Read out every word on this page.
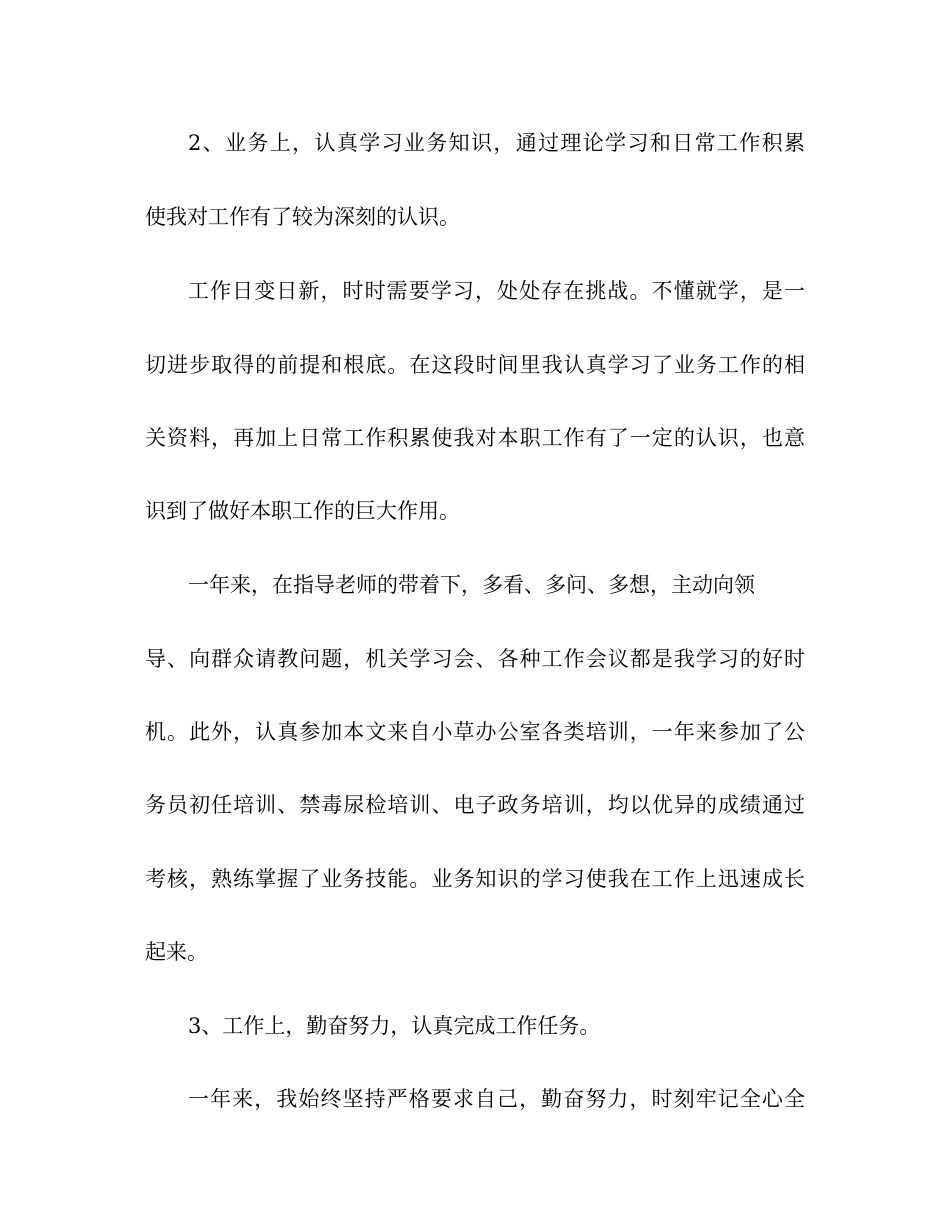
2、业务上，认真学习业务知识，通过理论学习和日常工作积累
使我对工作有了较为深刻的认识。
工作日变日新，时时需要学习，处处存在挑战。不懂就学，是一
切进步取得的前提和根底。在这段时间里我认真学习了业务工作的相
关资料，再加上日常工作积累使我对本职工作有了一定的认识，也意
识到了做好本职工作的巨大作用。
一年来，在指导老师的带着下，多看、多问、多想，主动向领
导、向群众请教问题，机关学习会、各种工作会议都是我学习的好时
机。此外，认真参加本文来自小草办公室各类培训，一年来参加了公
务员初任培训、禁毒尿检培训、电子政务培训，均以优异的成绩通过
考核，熟练掌握了业务技能。业务知识的学习使我在工作上迅速成长
起来。
3、工作上，勤奋努力，认真完成工作任务。
一年来，我始终坚持严格要求自己，勤奋努力，时刻牢记全心全
